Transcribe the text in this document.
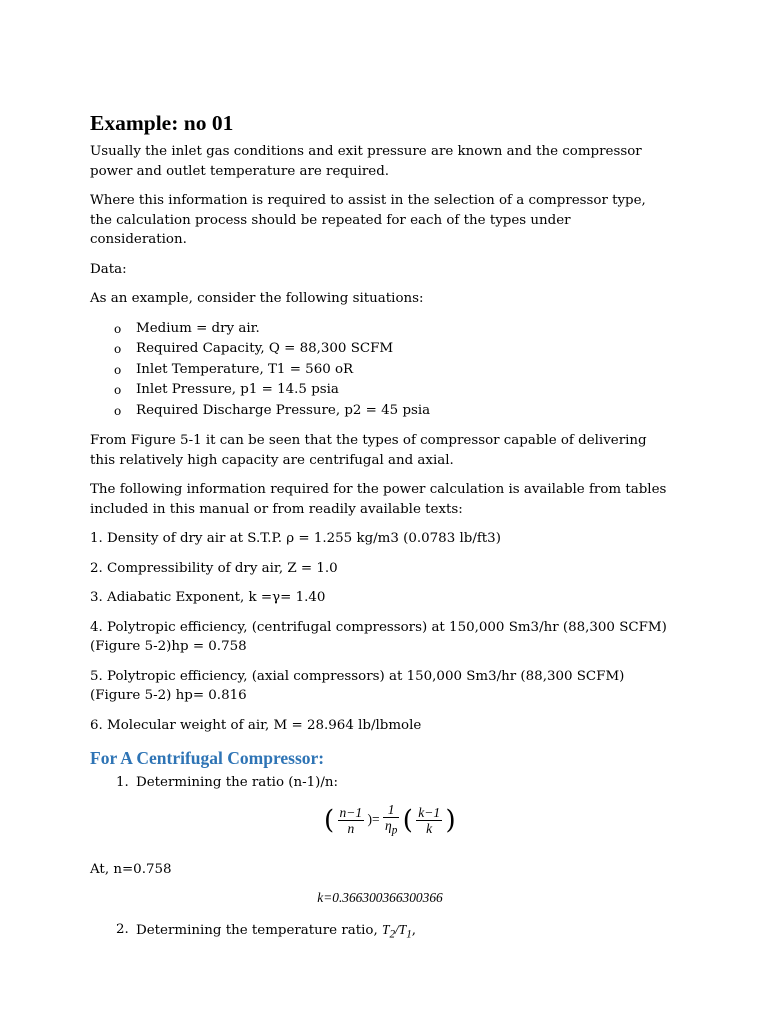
Example: no 01

Usually the inlet gas conditions and exit pressure are known and the compressor power and outlet temperature are required.

Where this information is required to assist in the selection of a compressor type, the calculation process should be repeated for each of the types under consideration.

Data:

As an example, consider the following situations:

o Medium = dry air.
o Required Capacity, Q = 88,300 SCFM
o Inlet Temperature, T1 = 560 oR
o Inlet Pressure, p1 = 14.5 psia
o Required Discharge Pressure, p2 = 45 psia

From Figure 5-1 it can be seen that the types of compressor capable of delivering this relatively high capacity are centrifugal and axial.

The following information required for the power calculation is available from tables included in this manual or from readily available texts:

1. Density of dry air at S.T.P. ρ = 1.255 kg/m3 (0.0783 lb/ft3)

2. Compressibility of dry air, Z = 1.0

3. Adiabatic Exponent, k =γ= 1.40

4. Polytropic efficiency, (centrifugal compressors) at 150,000 Sm3/hr (88,300 SCFM) (Figure 5-2)hp = 0.758

5. Polytropic efficiency, (axial compressors) at 150,000 Sm3/hr (88,300 SCFM) (Figure 5-2) hp= 0.816

6. Molecular weight of air, M = 28.964 lb/lbmole

For A Centrifugal Compressor:

1. Determining the ratio (n-1)/n:

( $\frac{n-1}{n}$ )= $\frac{1}{\eta_p}$ ( $\frac{k-1}{k}$ )

At, n=0.758

k=0.366300366300366

2. Determining the temperature ratio, $T_2/T_1$,
